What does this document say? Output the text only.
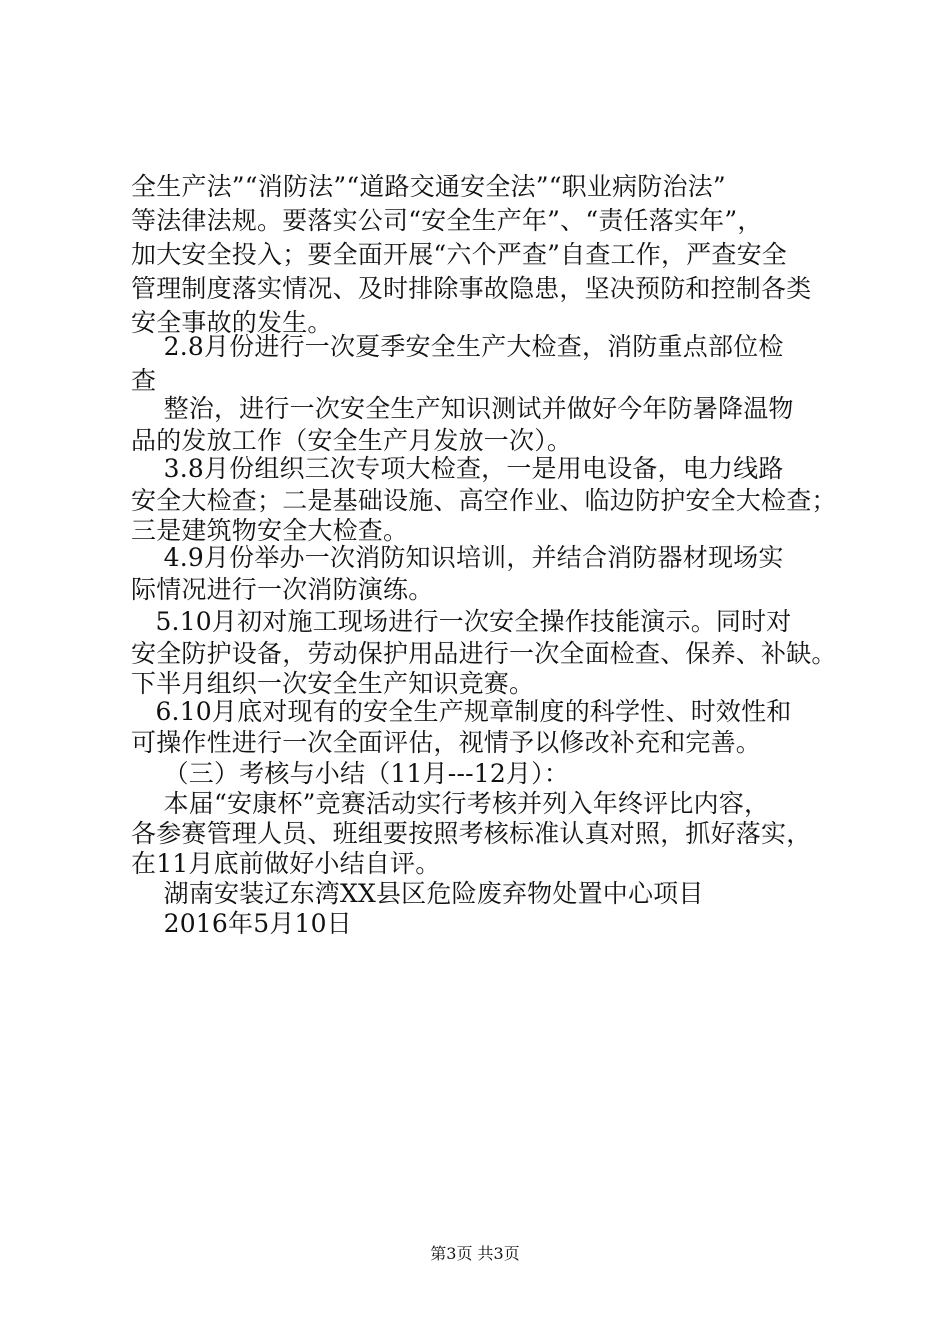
全生产法”“消防法”“道路交通安全法”“职业病防治法”
等法律法规。要落实公司“安全生产年”、“责任落实年”，
加大安全投入；要全面开展“六个严查”自查工作，严查安全
管理制度落实情况、及时排除事故隐患，坚决预防和控制各类
安全事故的发生。
2.8月份进行一次夏季安全生产大检查，消防重点部位检
查
整治，进行一次安全生产知识测试并做好今年防暑降温物
品的发放工作（安全生产月发放一次）。
3.8月份组织三次专项大检查，一是用电设备，电力线路
安全大检查；二是基础设施、高空作业、临边防护安全大检查；
三是建筑物安全大检查。
4.9月份举办一次消防知识培训，并结合消防器材现场实
际情况进行一次消防演练。
5.10月初对施工现场进行一次安全操作技能演示。同时对
安全防护设备，劳动保护用品进行一次全面检查、保养、补缺。
下半月组织一次安全生产知识竞赛。
6.10月底对现有的安全生产规章制度的科学性、时效性和
可操作性进行一次全面评估，视情予以修改补充和完善。
（三）考核与小结（11月---12月）：
本届“安康杯”竞赛活动实行考核并列入年终评比内容，
各参赛管理人员、班组要按照考核标准认真对照，抓好落实，
在11月底前做好小结自评。
湖南安装辽东湾XX县区危险废弃物处置中心项目
2016年5月10日
第3页 共3页
